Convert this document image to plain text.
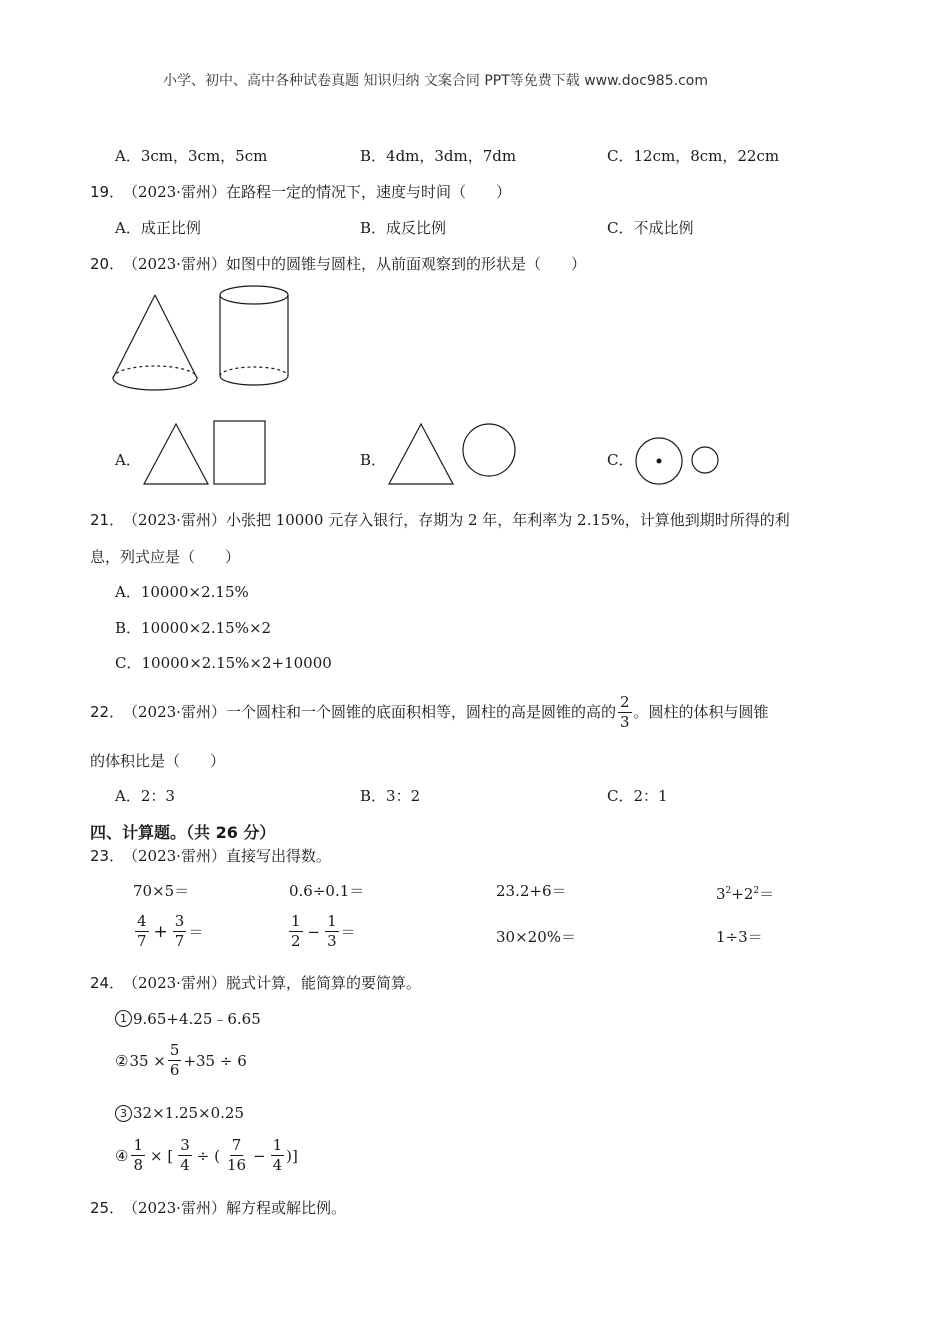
小学、初中、高中各种试卷真题 知识归纳 文案合同 PPT等免费下载 www.doc985.com
A．3cm，3cm，5cm	B．4dm，3dm，7dm	C．12cm，8cm，22cm
19．
（2023·雷州）在路程一定的情况下，速度与时间（　　）
A．成正比例	B．成反比例	C．不成比例
20．
（2023·雷州）如图中的圆锥与圆柱，从前面观察到的形状是（　　）
A．	B．	C．
21．
（2023·雷州）小张把 10000 元存入银行，存期为 2 年，年利率为 2.15%，计算他到期时所得的利
息，列式应是（　　）
A．10000×2.15%
B．10000×2.15%×2
C．10000×2.15%×2+10000
22．
（2023·雷州）一个圆柱和一个圆锥的底面积相等，圆柱的高是圆锥的高的 $\frac{2}{3}$ 。圆柱的体积与圆锥
的体积比是（　　）
A．2：3	B．3：2	C．2：1
四、计算题。（共 26 分）
23．
（2023·雷州）直接写出得数。
70×5＝	0.6÷0.1＝	23.2+6＝	$3^2+2^2=$
$\frac{4}{7} + \frac{3}{7}$ ＝	$\frac{1}{2} - \frac{1}{3}$ ＝	30×20%＝	1÷3＝
24．
（2023·雷州）脱式计算，能简算的要简算。
1 9.65+4.25﹣6.65
② $35 \times \frac{5}{6} +35 \div 6$
3 32×1.25×0.25
④ $\frac{1}{8}$ × [ $\frac{3}{4}$ ÷ ( $\frac{7}{16} - \frac{1}{4}$ )]
25．
（2023·雷州）解方程或解比例。
